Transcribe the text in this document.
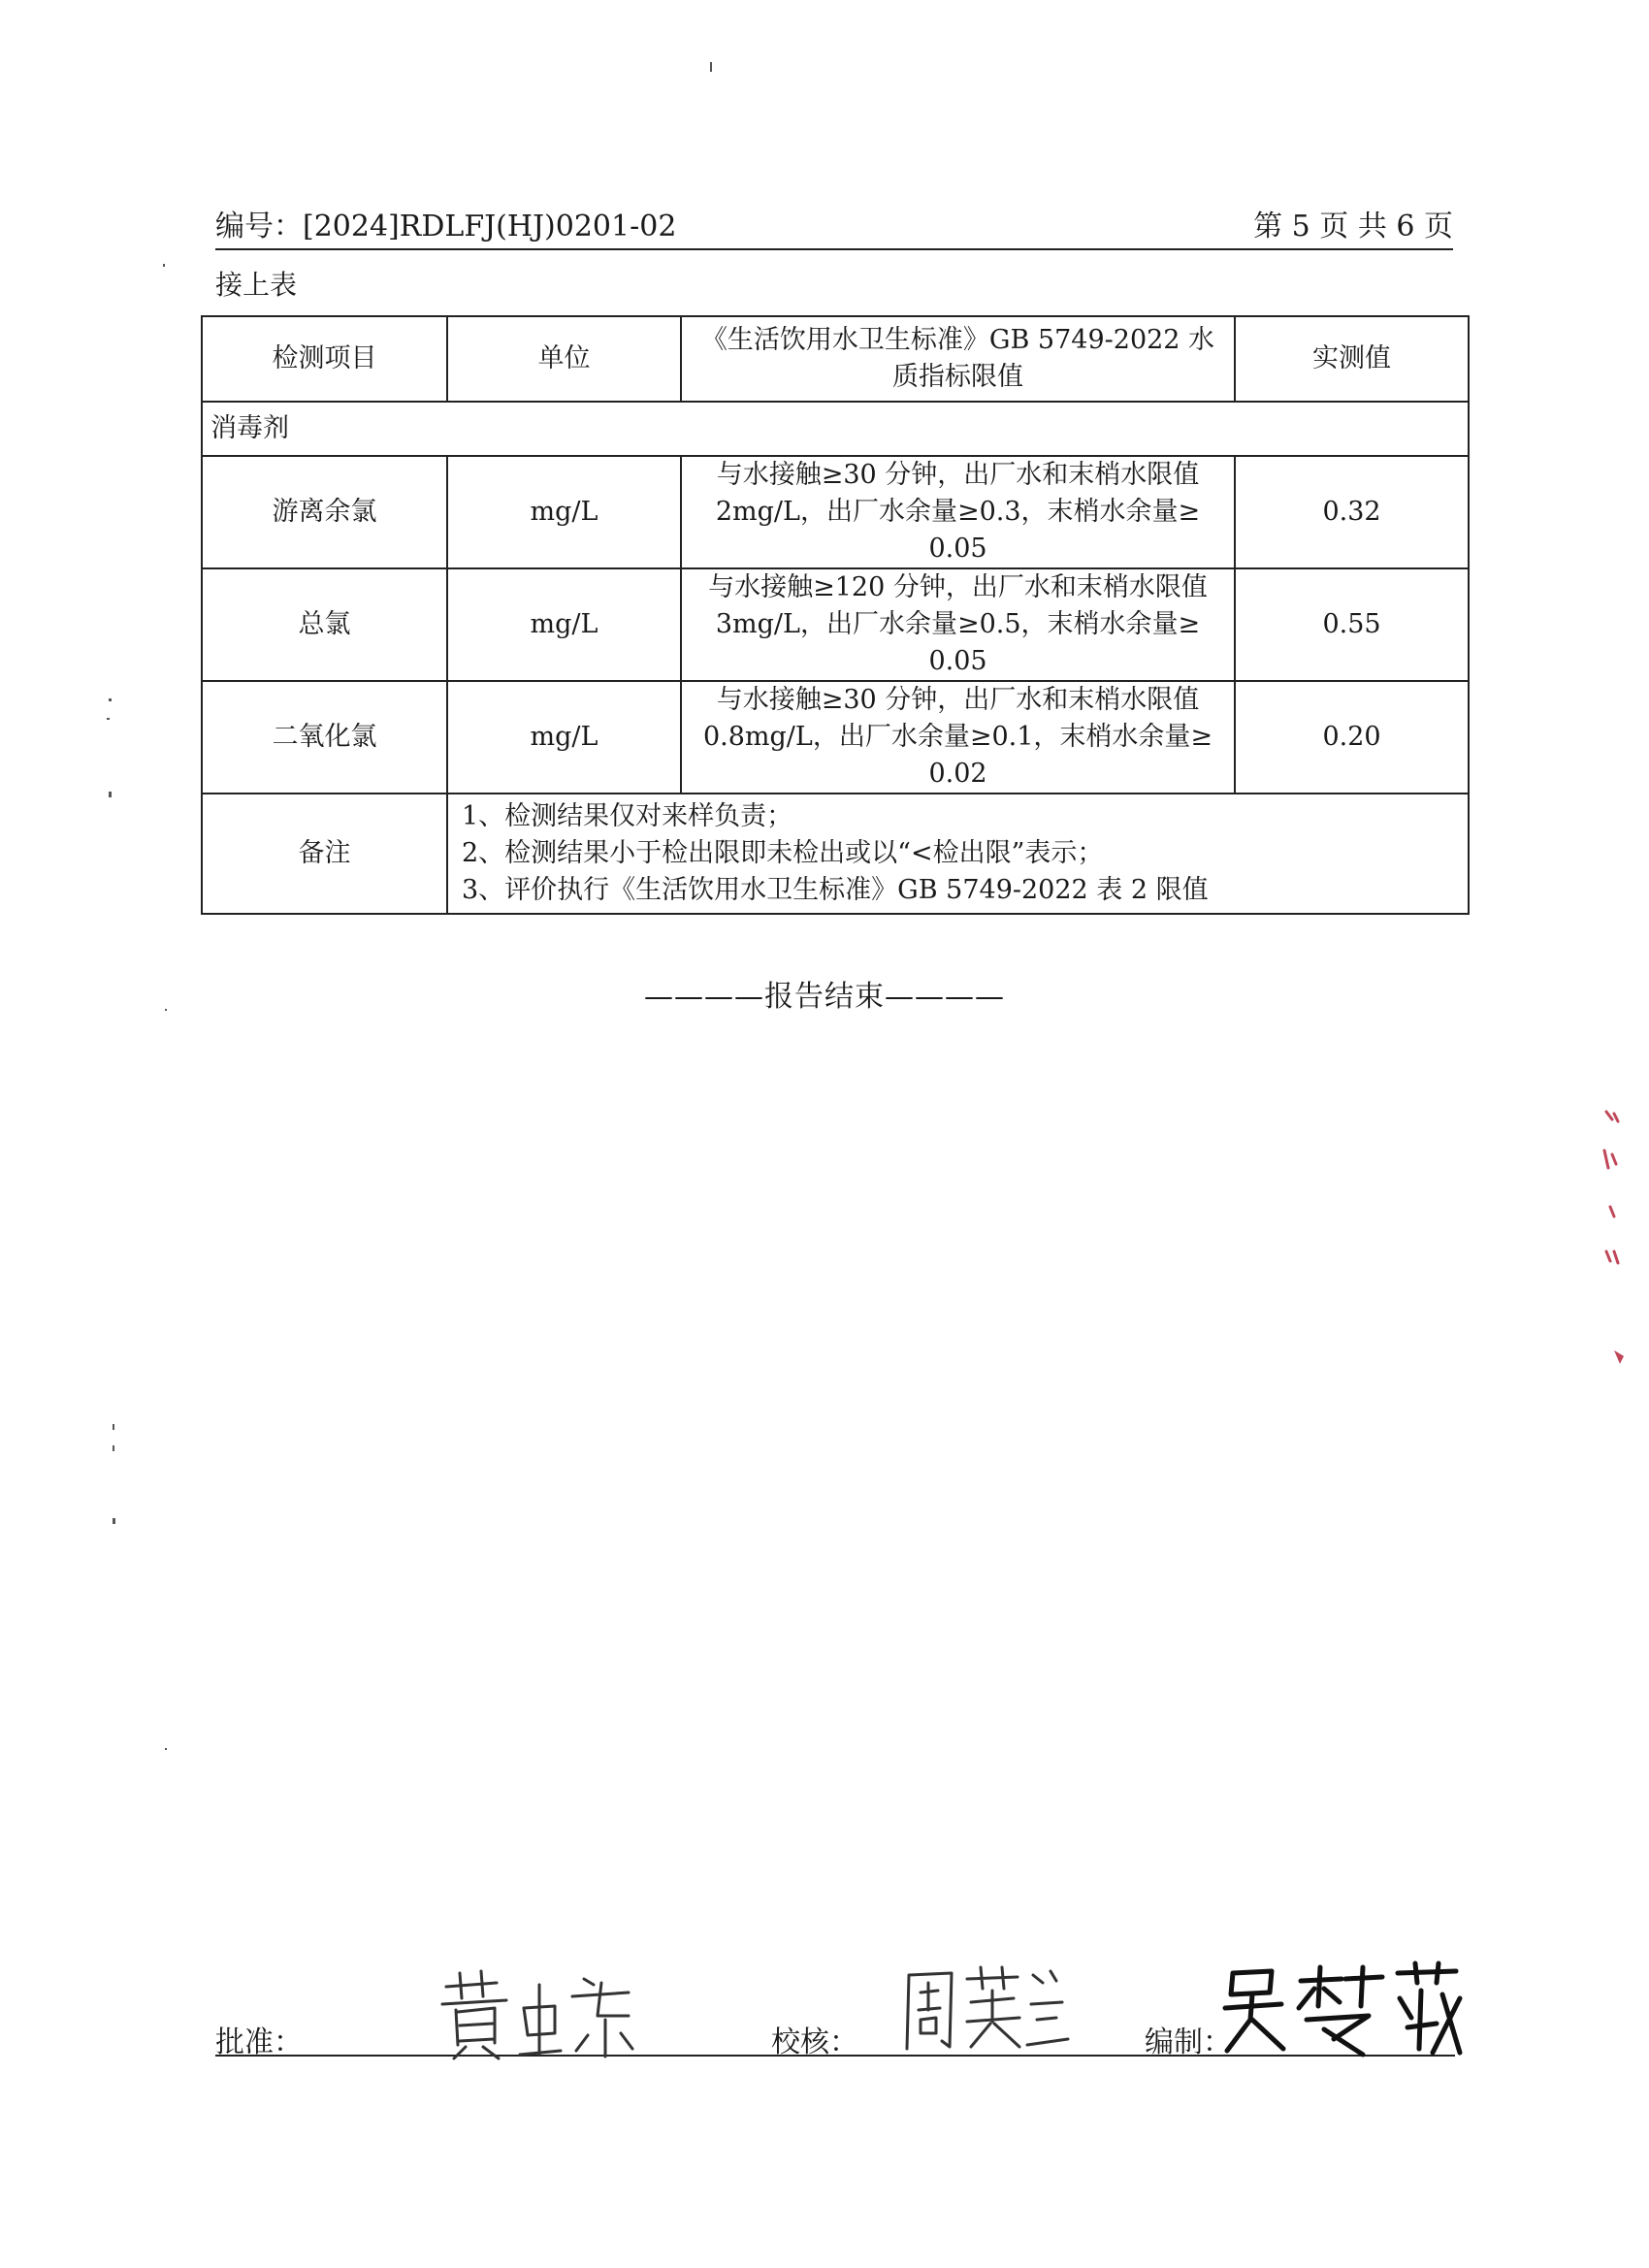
编号：[2024]RDLFJ(HJ)0201-02	第 5 页 共 6 页
接上表
检测项目	单位	《生活饮用水卫生标准》GB 5749-2022 水质指标限值	实测值
消毒剂			
游离余氯	mg/L	与水接触≥30 分钟，出厂水和末梢水限值
2mg/L，出厂水余量≥0.3，末梢水余量≥
0.05	0.32
总氯	mg/L	与水接触≥120 分钟，出厂水和末梢水限值
3mg/L，出厂水余量≥0.5，末梢水余量≥
0.05	0.55
二氧化氯	mg/L	与水接触≥30 分钟，出厂水和末梢水限值
0.8mg/L，出厂水余量≥0.1，末梢水余量≥
0.02	0.20
备注	1、检测结果仅对来样负责；
2、检测结果小于检出限即未检出或以“<检出限”表示；
3、评价执行《生活饮用水卫生标准》GB 5749-2022 表 2 限值		
————报告结束————
批准：	校核：	编制：
